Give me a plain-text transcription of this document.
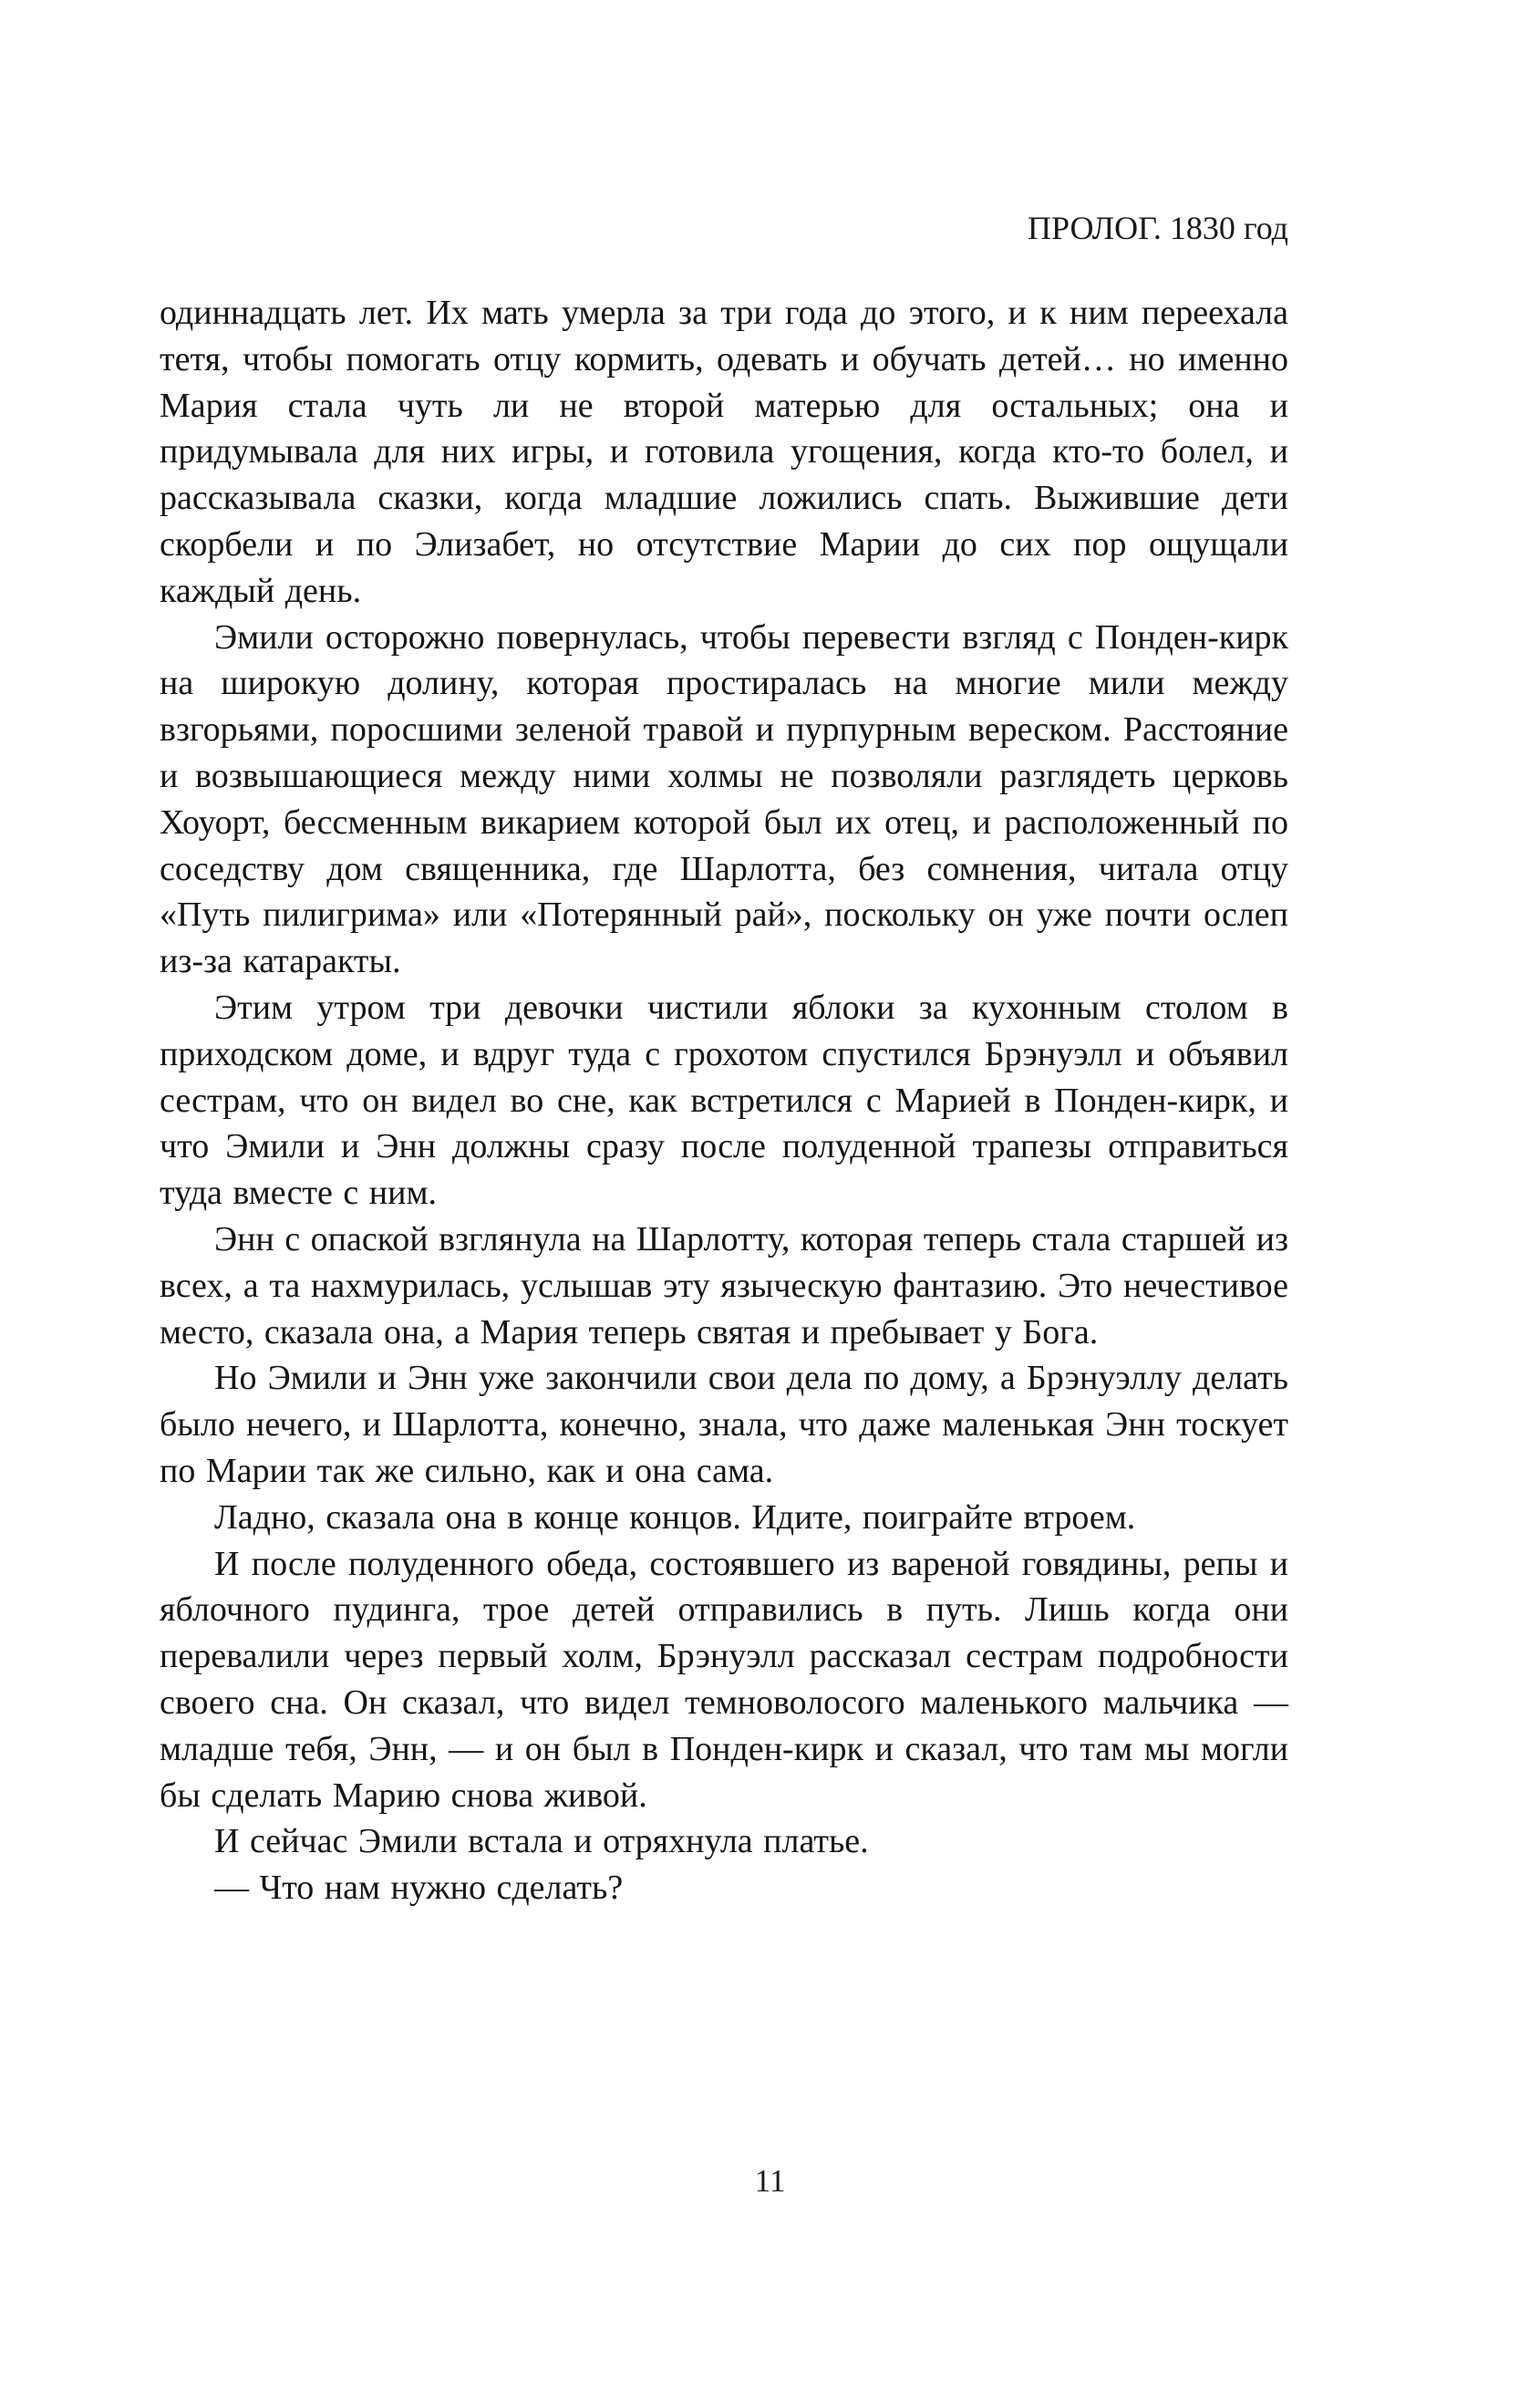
ПРОЛОГ. 1830 год

одиннадцать лет. Их мать умерла за три года до этого, и к ним переехала тетя, чтобы помогать отцу кормить, одевать и обучать детей… но именно Мария стала чуть ли не второй матерью для остальных; она и придумывала для них игры, и готовила угощения, когда кто-то болел, и рассказывала сказки, когда младшие ложились спать. Выжившие дети скорбели и по Элизабет, но отсутствие Марии до сих пор ощущали каждый день.

Эмили осторожно повернулась, чтобы перевести взгляд с Понден-кирк на широкую долину, которая простиралась на многие мили между взгорьями, поросшими зеленой травой и пурпурным вереском. Расстояние и возвышающиеся между ними холмы не позволяли разглядеть церковь Хоуорт, бессменным викарием которой был их отец, и расположенный по соседству дом священника, где Шарлотта, без сомнения, читала отцу «Путь пилигрима» или «Потерянный рай», поскольку он уже почти ослеп из-за катаракты.

Этим утром три девочки чистили яблоки за кухонным столом в приходском доме, и вдруг туда с грохотом спустился Брэнуэлл и объявил сестрам, что он видел во сне, как встретился с Марией в Понден-кирк, и что Эмили и Энн должны сразу после полуденной трапезы отправиться туда вместе с ним.

Энн с опаской взглянула на Шарлотту, которая теперь стала старшей из всех, а та нахмурилась, услышав эту языческую фантазию. Это нечестивое место, сказала она, а Мария теперь святая и пребывает у Бога.

Но Эмили и Энн уже закончили свои дела по дому, а Брэнуэллу делать было нечего, и Шарлотта, конечно, знала, что даже маленькая Энн тоскует по Марии так же сильно, как и она сама.

Ладно, сказала она в конце концов. Идите, поиграйте втроем.

И после полуденного обеда, состоявшего из вареной говядины, репы и яблочного пудинга, трое детей отправились в путь. Лишь когда они перевалили через первый холм, Брэнуэлл рассказал сестрам подробности своего сна. Он сказал, что видел темноволосого маленького мальчика — младше тебя, Энн, — и он был в Понден-кирк и сказал, что там мы могли бы сделать Марию снова живой.

И сейчас Эмили встала и отряхнула платье.

— Что нам нужно сделать?

11
